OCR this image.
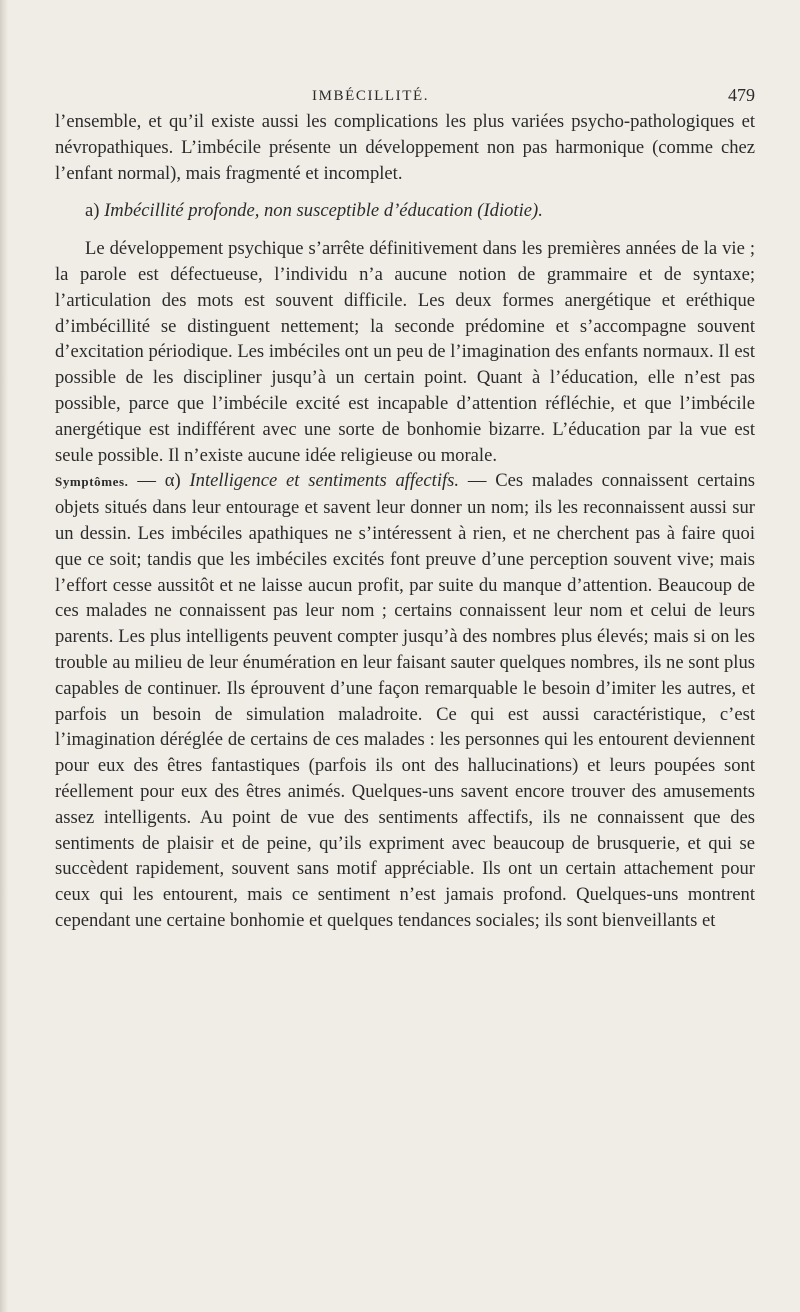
IMBÉCILLITÉ.	479

l’ensemble, et qu’il existe aussi les complications les plus variées psycho-pathologiques et névropathiques. L’imbécile présente un développement non pas harmonique (comme chez l’enfant normal), mais fragmenté et incomplet.

a) Imbécillité profonde, non susceptible d’éducation (Idiotie).

Le développement psychique s’arrête définitivement dans les premières années de la vie ; la parole est défectueuse, l’individu n’a aucune notion de grammaire et de syntaxe; l’articulation des mots est souvent difficile. Les deux formes anergétique et eréthique d’imbécillité se distinguent nettement; la seconde prédomine et s’accompagne souvent d’excitation périodique. Les imbéciles ont un peu de l’imagination des enfants normaux. Il est possible de les discipliner jusqu’à un certain point. Quant à l’éducation, elle n’est pas possible, parce que l’imbécile excité est incapable d’attention réfléchie, et que l’imbécile anergétique est indifférent avec une sorte de bonhomie bizarre. L’éducation par la vue est seule possible. Il n’existe aucune idée religieuse ou morale.

Symptômes. — α) Intelligence et sentiments affectifs. — Ces malades connaissent certains objets situés dans leur entourage et savent leur donner un nom; ils les reconnaissent aussi sur un dessin. Les imbéciles apathiques ne s’intéressent à rien, et ne cherchent pas à faire quoi que ce soit; tandis que les imbéciles excités font preuve d’une perception souvent vive; mais l’effort cesse aussitôt et ne laisse aucun profit, par suite du manque d’attention. Beaucoup de ces malades ne connaissent pas leur nom ; certains connaissent leur nom et celui de leurs parents. Les plus intelligents peuvent compter jusqu’à des nombres plus élevés; mais si on les trouble au milieu de leur énumération en leur faisant sauter quelques nombres, ils ne sont plus capables de continuer. Ils éprouvent d’une façon remarquable le besoin d’imiter les autres, et parfois un besoin de simulation maladroite. Ce qui est aussi caractéristique, c’est l’imagination déréglée de certains de ces malades : les personnes qui les entourent deviennent pour eux des êtres fantastiques (parfois ils ont des hallucinations) et leurs poupées sont réellement pour eux des êtres animés. Quelques-uns savent encore trouver des amusements assez intelligents. Au point de vue des sentiments affectifs, ils ne connaissent que des sentiments de plaisir et de peine, qu’ils expriment avec beaucoup de brusquerie, et qui se succèdent rapidement, souvent sans motif appréciable. Ils ont un certain attachement pour ceux qui les entourent, mais ce sentiment n’est jamais profond. Quelques-uns montrent cependant une certaine bonhomie et quelques tendances sociales; ils sont bienveillants et
